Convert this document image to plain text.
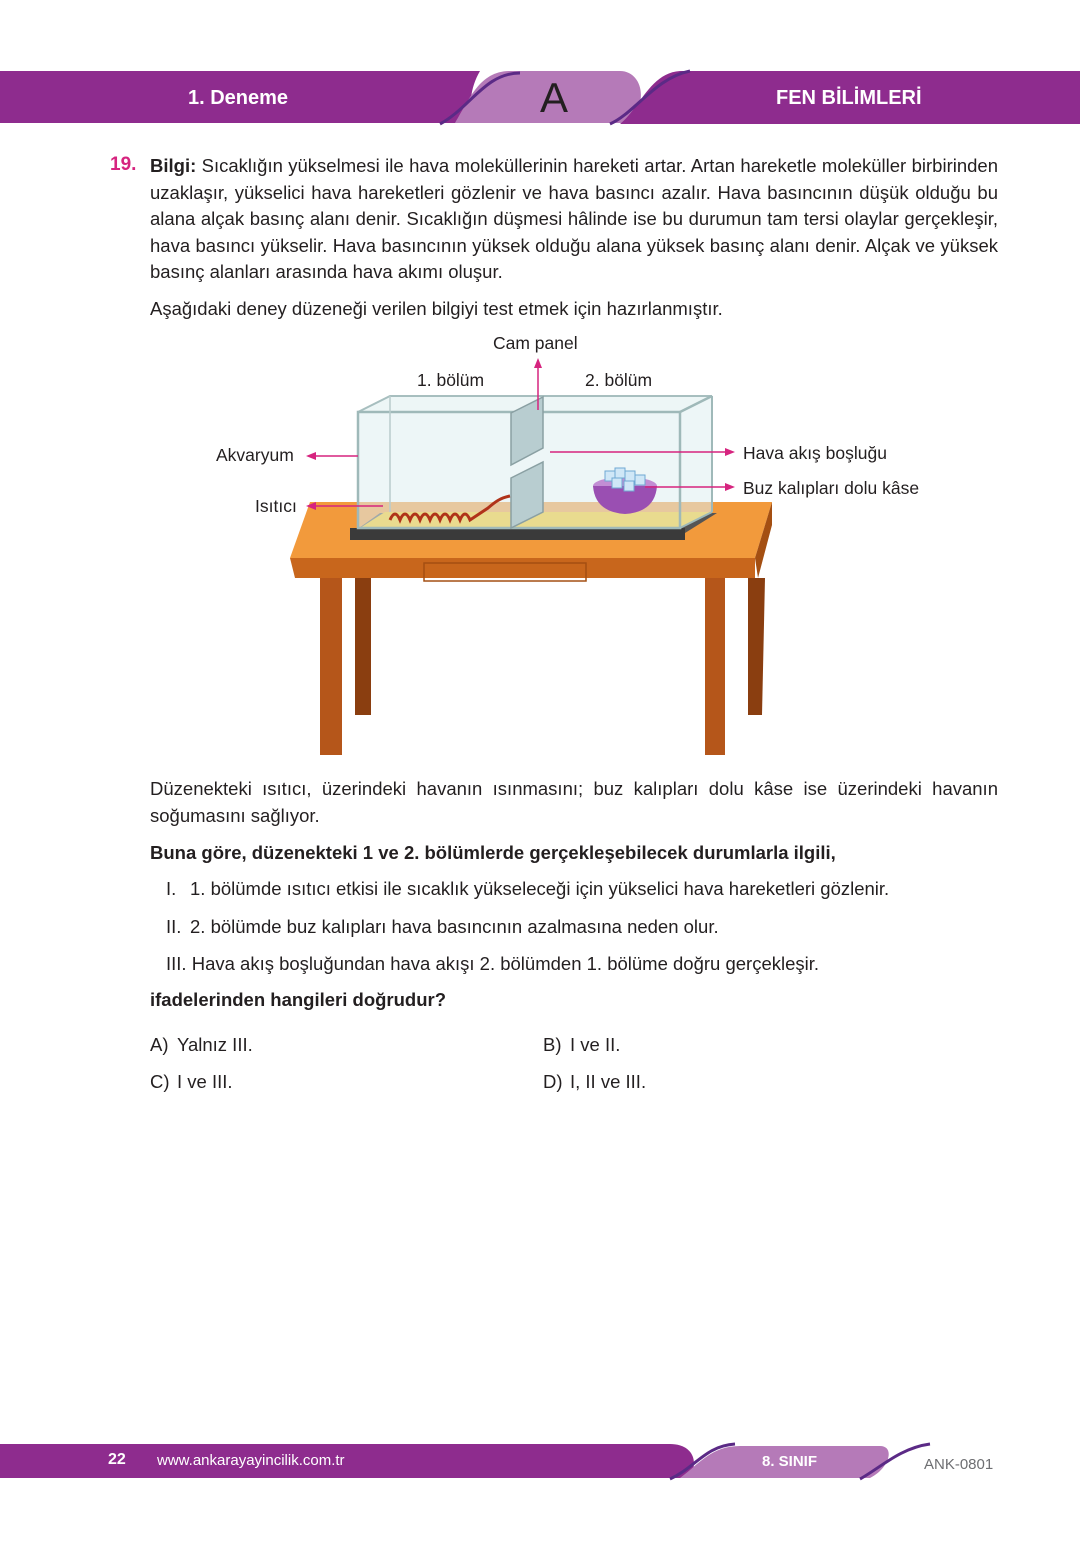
1. Deneme	A	FEN BİLİMLERİ
19. Bilgi: Sıcaklığın yükselmesi ile hava moleküllerinin hareketi artar. Artan hareketle moleküller birbirinden uzaklaşır, yükselici hava hareketleri gözlenir ve hava basıncı azalır. Hava basıncının düşük olduğu bu alana alçak basınç alanı denir. Sıcaklığın düşmesi hâlinde ise bu durumun tam tersi olaylar gerçekleşir, hava basıncı yükselir. Hava basıncının yüksek olduğu alana yüksek basınç alanı denir. Alçak ve yüksek basınç alanları arasında hava akımı oluşur.
Aşağıdaki deney düzeneği verilen bilgiyi test etmek için hazırlanmıştır.
Cam panel
1. bölüm	2. bölüm
Akvaryum
Isıtıcı
Hava akış boşluğu
Buz kalıpları dolu kâse
Düzenekteki ısıtıcı, üzerindeki havanın ısınmasını; buz kalıpları dolu kâse ise üzerindeki havanın soğumasını sağlıyor.
Buna göre, düzenekteki 1 ve 2. bölümlerde gerçekleşebilecek durumlarla ilgili,
I. 1. bölümde ısıtıcı etkisi ile sıcaklık yükseleceği için yükselici hava hareketleri gözlenir.
II. 2. bölümde buz kalıpları hava basıncının azalmasına neden olur.
III. Hava akış boşluğundan hava akışı 2. bölümden 1. bölüme doğru gerçekleşir.
ifadelerinden hangileri doğrudur?
A) Yalnız III.	B) I ve II.
C) I ve III.	D) I, II ve III.
22 www.ankarayayincilik.com.tr	8. SINIF	ANK-0801
